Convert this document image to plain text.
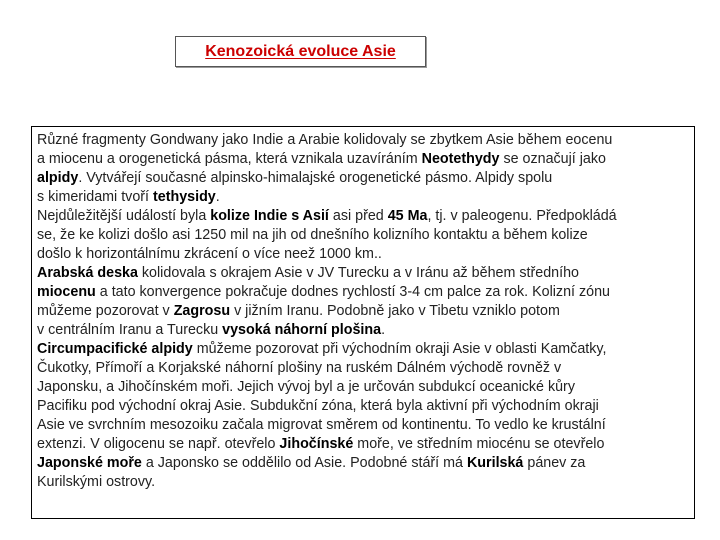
Kenozoická evoluce Asie

Různé fragmenty Gondwany jako Indie a Arabie kolidovaly se zbytkem Asie během eocenu

a miocenu a orogenetická pásma, která vznikala uzavíráním Neotethydy se označují jako

alpidy. Vytvářejí současné alpinsko-himalajské orogenetické pásmo. Alpidy spolu

s kimeridami tvoří tethysidy.

Nejdůležitější událostí byla kolize Indie s Asií asi před 45 Ma, tj. v paleogenu. Předpokládá

se, že ke kolizi došlo asi 1250 mil na jih od dnešního kolizního kontaktu a během kolize

došlo k horizontálnímu zkrácení o více neež 1000 km..

Arabská deska kolidovala s okrajem Asie v JV Turecku a v Iránu až během středního

miocenu a tato konvergence pokračuje dodnes rychlostí 3-4 cm palce za rok. Kolizní zónu

můžeme pozorovat v Zagrosu v jižním Iranu. Podobně jako v Tibetu vzniklo potom

v centrálním Iranu a Turecku vysoká náhorní plošina.

Circumpacifické alpidy můžeme pozorovat při východním okraji Asie v oblasti Kamčatky,

Čukotky, Přímoří a Korjakské náhorní plošiny na ruském Dálném východě rovněž v

Japonsku, a Jihočínském moři. Jejich vývoj byl a je určován subdukcí oceanické kůry

Pacifiku pod východní okraj Asie. Subdukční zóna, která byla aktivní při východním okraji

Asie ve svrchním mesozoiku začala migrovat směrem od kontinentu. To vedlo ke krustální

extenzi. V oligocenu se např. otevřelo Jihočínské moře, ve středním miocénu se otevřelo

Japonské moře a Japonsko se oddělilo od Asie. Podobné stáří má Kurilská pánev za

Kurilskými ostrovy.
